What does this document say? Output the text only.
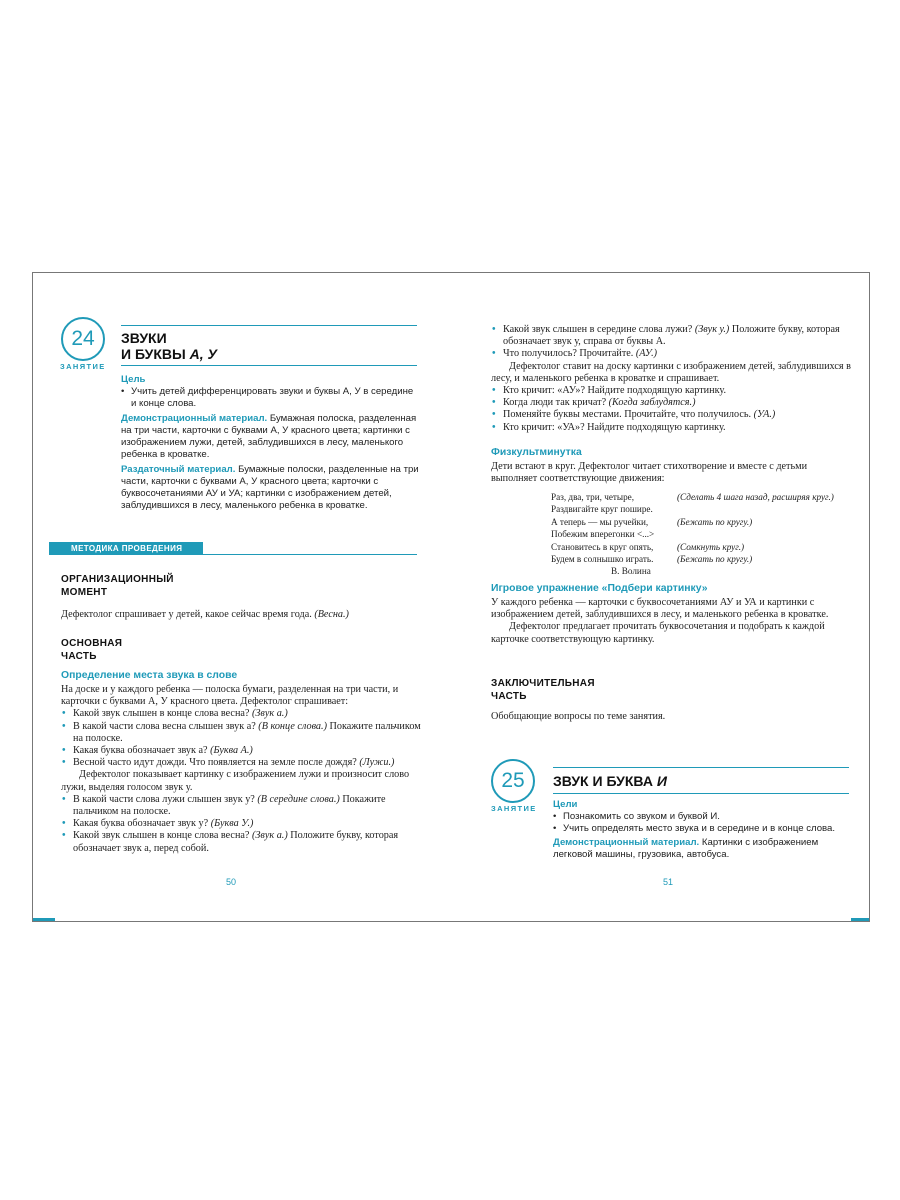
24
ЗАНЯТИЕ
ЗВУКИ
И БУКВЫ А, У
Цель
• Учить детей дифференцировать звуки и буквы А, У в середине и конце слова.
Демонстрационный материал. Бумажная полоска, разделенная на три части, карточки с буквами А, У красного цвета; картинки с изображением лужи, детей, заблудившихся в лесу, маленького ребенка в кроватке.
Раздаточный материал. Бумажные полоски, разделенные на три части, карточки с буквами А, У красного цвета; карточки с буквосочетаниями АУ и УА; картинки с изображением детей, заблудившихся в лесу, маленького ребенка в кроватке.
МЕТОДИКА ПРОВЕДЕНИЯ
ОРГАНИЗАЦИОННЫЙ
МОМЕНТ

Дефектолог спрашивает у детей, какое сейчас время года. (Весна.)

ОСНОВНАЯ
ЧАСТЬ
Определение места звука в слове

На доске и у каждого ребенка — полоска бумаги, разделенная на три части, и карточки с буквами А, У красного цвета. Дефектолог спрашивает:

• Какой звук слышен в конце слова весна? (Звук а.)
• В какой части слова весна слышен звук а? (В конце слова.) Покажите пальчиком на полоске.
• Какая буква обозначает звук а? (Буква А.)
• Весной часто идут дожди. Что появляется на земле после дождя? (Лужи.)

Дефектолог показывает картинку с изображением лужи и произносит слово лужи, выделяя голосом звук у.

• В какой части слова лужи слышен звук у? (В середине слова.) Покажите пальчиком на полоске.
• Какая буква обозначает звук у? (Буква У.)
• Какой звук слышен в конце слова весна? (Звук а.) Положите букву, которая обозначает звук а, перед собой.
50
• Какой звук слышен в середине слова лужи? (Звук у.) Положите букву, которая обозначает звук у, справа от буквы А.
• Что получилось? Прочитайте. (АУ.)

Дефектолог ставит на доску картинки с изображением детей, заблудившихся в лесу, и маленького ребенка в кроватке и спрашивает.

• Кто кричит: «АУ»? Найдите подходящую картинку.
• Когда люди так кричат? (Когда заблудятся.)
• Поменяйте буквы местами. Прочитайте, что получилось. (УА.)
• Кто кричит: «УА»? Найдите подходящую картинку.
Физкультминутка

Дети встают в круг. Дефектолог читает стихотворение и вместе с детьми выполняет соответствующие движения:

Раз, два, три, четыре,	(Сделать 4 шага назад, расширяя круг.)
Раздвигайте круг пошире.
А теперь — мы ручейки,	(Бежать по кругу.)
Побежим вперегонки <...>
Становитесь в круг опять,	(Сомкнуть круг.)
Будем в солнышко играть.	(Бежать по кругу.)
В. Волина
Игровое упражнение «Подбери картинку»

У каждого ребенка — карточки с буквосочетаниями АУ и УА и картинки с изображением детей, заблудившихся в лесу, и маленького ребенка в кроватке.

Дефектолог предлагает прочитать буквосочетания и подобрать к каждой карточке соответствующую картинку.

ЗАКЛЮЧИТЕЛЬНАЯ
ЧАСТЬ

Обобщающие вопросы по теме занятия.

25
ЗАНЯТИЕ
ЗВУК И БУКВА И
Цели
• Познакомить со звуком и буквой И.
• Учить определять место звука и в середине и в конце слова.
Демонстрационный материал. Картинки с изображением легковой машины, грузовика, автобуса.
51
